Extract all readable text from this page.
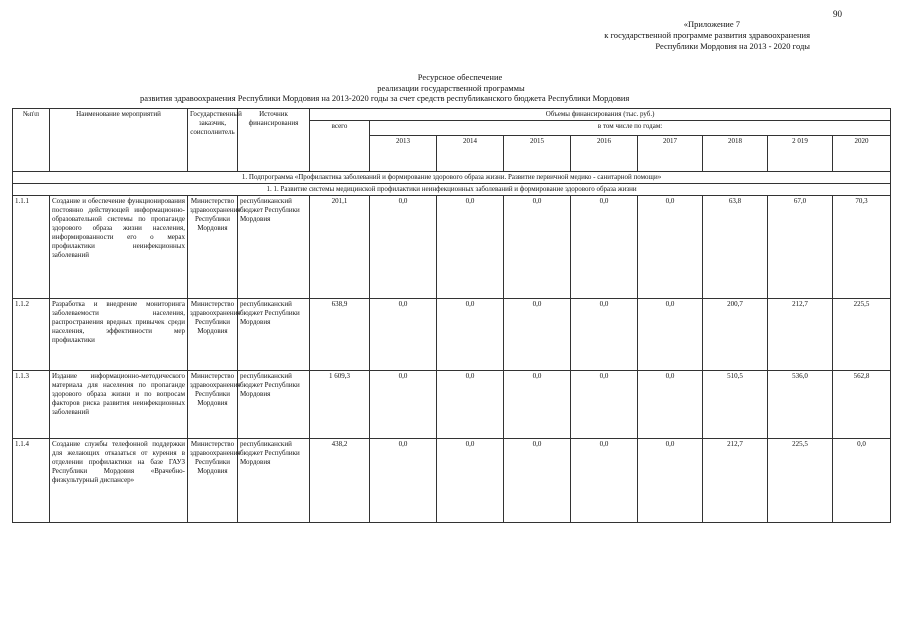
90
«Приложение 7
к государственной программе развития здравоохранения
Республики Мордовия на 2013 - 2020 годы
Ресурсное обеспечение
реализации государственной программы
развития здравоохранения Республики Мордовия на 2013-2020 годы за счет средств республиканского бюджета Республики Мордовия
№п\п	Наименование мероприятий	Государственный заказчик, соисполнитель	Источник финансирования	Объемы финансирования (тыс. руб.)								
				всего	в том числе по годам:							
					2013	2014	2015	2016	2017	2018	2 019	2020
1. Подпрограмма «Профилактика заболеваний и формирование здорового образа жизни. Развитие первичной медико - санитарной помощи»												
1. 1. Развитие системы медицинской профилактики неинфекционных заболеваний и формирование здорового образа жизни												
1.1.1	Создание и обеспечение функционирования постоянно действующей информационно-образовательной системы по пропаганде здорового образа жизни населения, информированности его о мерах профилактики неинфекционных заболеваний	Министерство здравоохранения Республики Мордовия	республиканский бюджет Республики Мордовия	201,1	0,0	0,0	0,0	0,0	0,0	63,8	67,0	70,3
1.1.2	Разработка и внедрение мониторинга заболеваемости населения, распространения вредных привычек среди населения, эффективности мер профилактики	Министерство здравоохранения Республики Мордовия	республиканский бюджет Республики Мордовия	638,9	0,0	0,0	0,0	0,0	0,0	200,7	212,7	225,5
1.1.3	Издание информационно-методического материала для населения по пропаганде здорового образа жизни и по вопросам факторов риска развития неинфекционных заболеваний	Министерство здравоохранения Республики Мордовия	республиканский бюджет Республики Мордовия	1 609,3	0,0	0,0	0,0	0,0	0,0	510,5	536,0	562,8
1.1.4	Создание службы телефонной поддержки для желающих отказаться от курения в отделении профилактики на базе ГАУЗ Республики Мордовия «Врачебно-физкультурный диспансер»	Министерство здравоохранения Республики Мордовия	республиканский бюджет Республики Мордовия	438,2	0,0	0,0	0,0	0,0	0,0	212,7	225,5	0,0
